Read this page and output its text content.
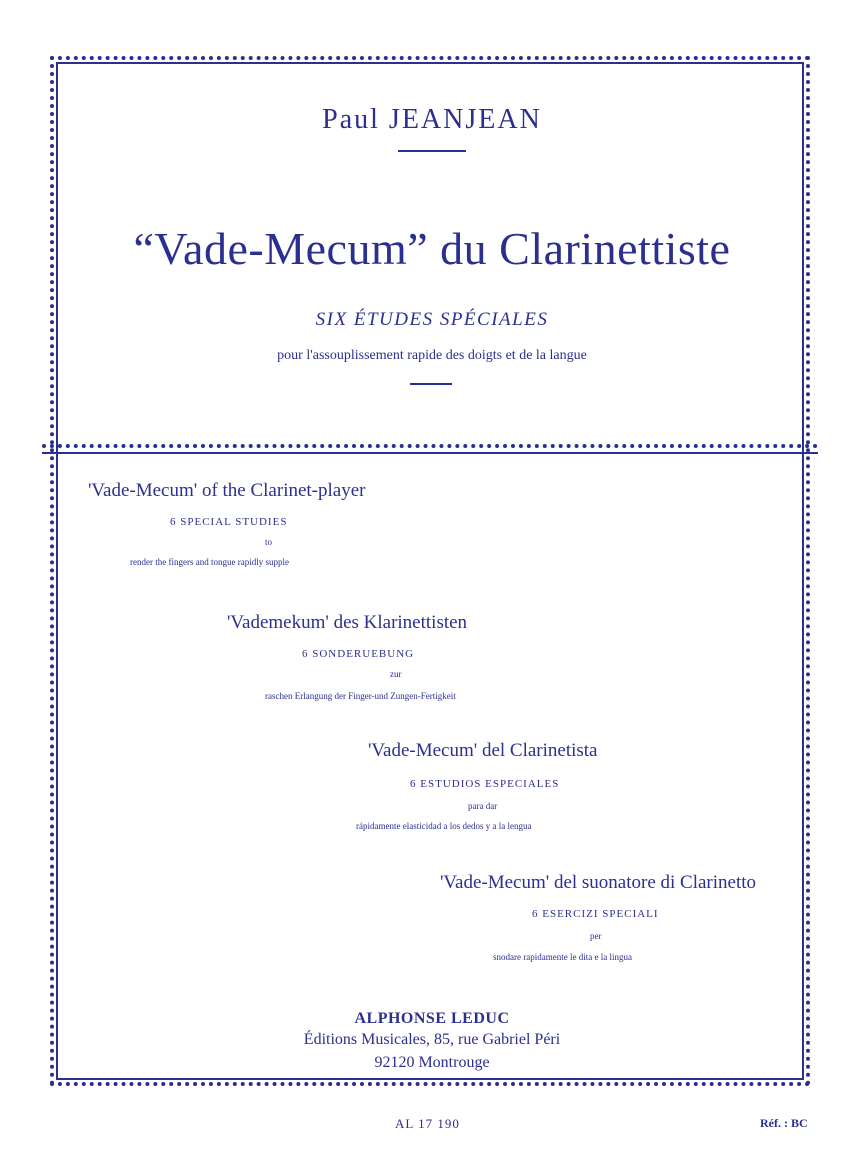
Paul JEANJEAN
“Vade-Mecum” du Clarinettiste
SIX ÉTUDES SPÉCIALES
pour l'assouplissement rapide des doigts et de la langue
'Vade-Mecum' of the Clarinet-player
6 SPECIAL STUDIES
to
render the fingers and tongue rapidly supple
'Vademekum' des Klarinettisten
6 SONDERUEBUNG
zur
raschen Erlangung der Finger-und Zungen-Fertigkeit
'Vade-Mecum' del Clarinetista
6 ESTUDIOS ESPECIALES
para dar
rápidamente elasticidad a los dedos y a la lengua
'Vade-Mecum' del suonatore di Clarinetto
6 ESERCIZI SPECIALI
per
snodare rapidamente le dita e la lingua
ALPHONSE LEDUC
Éditions Musicales, 85, rue Gabriel Péri
92120 Montrouge
AL 17 190	Réf. : BC
